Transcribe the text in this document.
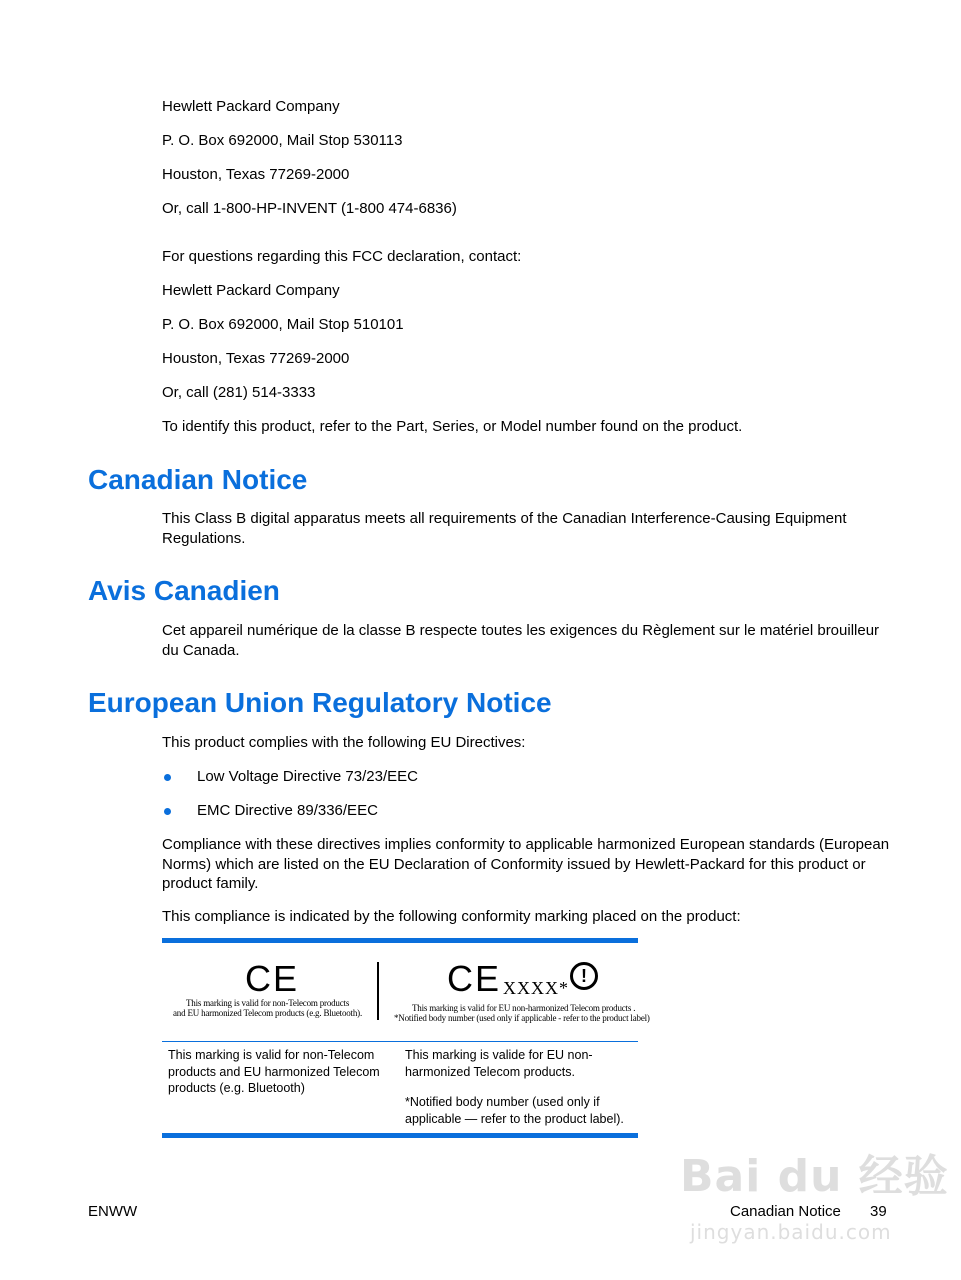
Hewlett Packard Company

P. O. Box 692000, Mail Stop 530113

Houston, Texas 77269-2000

Or, call 1-800-HP-INVENT (1-800 474-6836)

For questions regarding this FCC declaration, contact:

Hewlett Packard Company

P. O. Box 692000, Mail Stop 510101

Houston, Texas 77269-2000

Or, call (281) 514-3333

To identify this product, refer to the Part, Series, or Model number found on the product.

Canadian Notice

This Class B digital apparatus meets all requirements of the Canadian Interference-Causing Equipment Regulations.

Avis Canadien

Cet appareil numérique de la classe B respecte toutes les exigences du Règlement sur le matériel brouilleur du Canada.

European Union Regulatory Notice

This product complies with the following EU Directives:

Low Voltage Directive 73/23/EEC

EMC Directive 89/336/EEC

Compliance with these directives implies conformity to applicable harmonized European standards (European Norms) which are listed on the EU Declaration of Conformity issued by Hewlett-Packard for this product or product family.

This compliance is indicated by the following conformity marking placed on the product:

CE
This marking is valid for non-Telecom products
and EU harmonized Telecom products (e.g. Bluetooth).
CE XXXX*
!
This marking is valid for EU non-harmonized Telecom products .
*Notified body number (used only if applicable - refer to the product label)
This marking is valid for non-Telecom products and EU harmonized Telecom products (e.g. Bluetooth)
This marking is valide for EU non-harmonized Telecom products.
*Notified body number (used only if applicable — refer to the product label).
Bai du 经验
jingyan.baidu.com
ENWW	Canadian Notice 39
